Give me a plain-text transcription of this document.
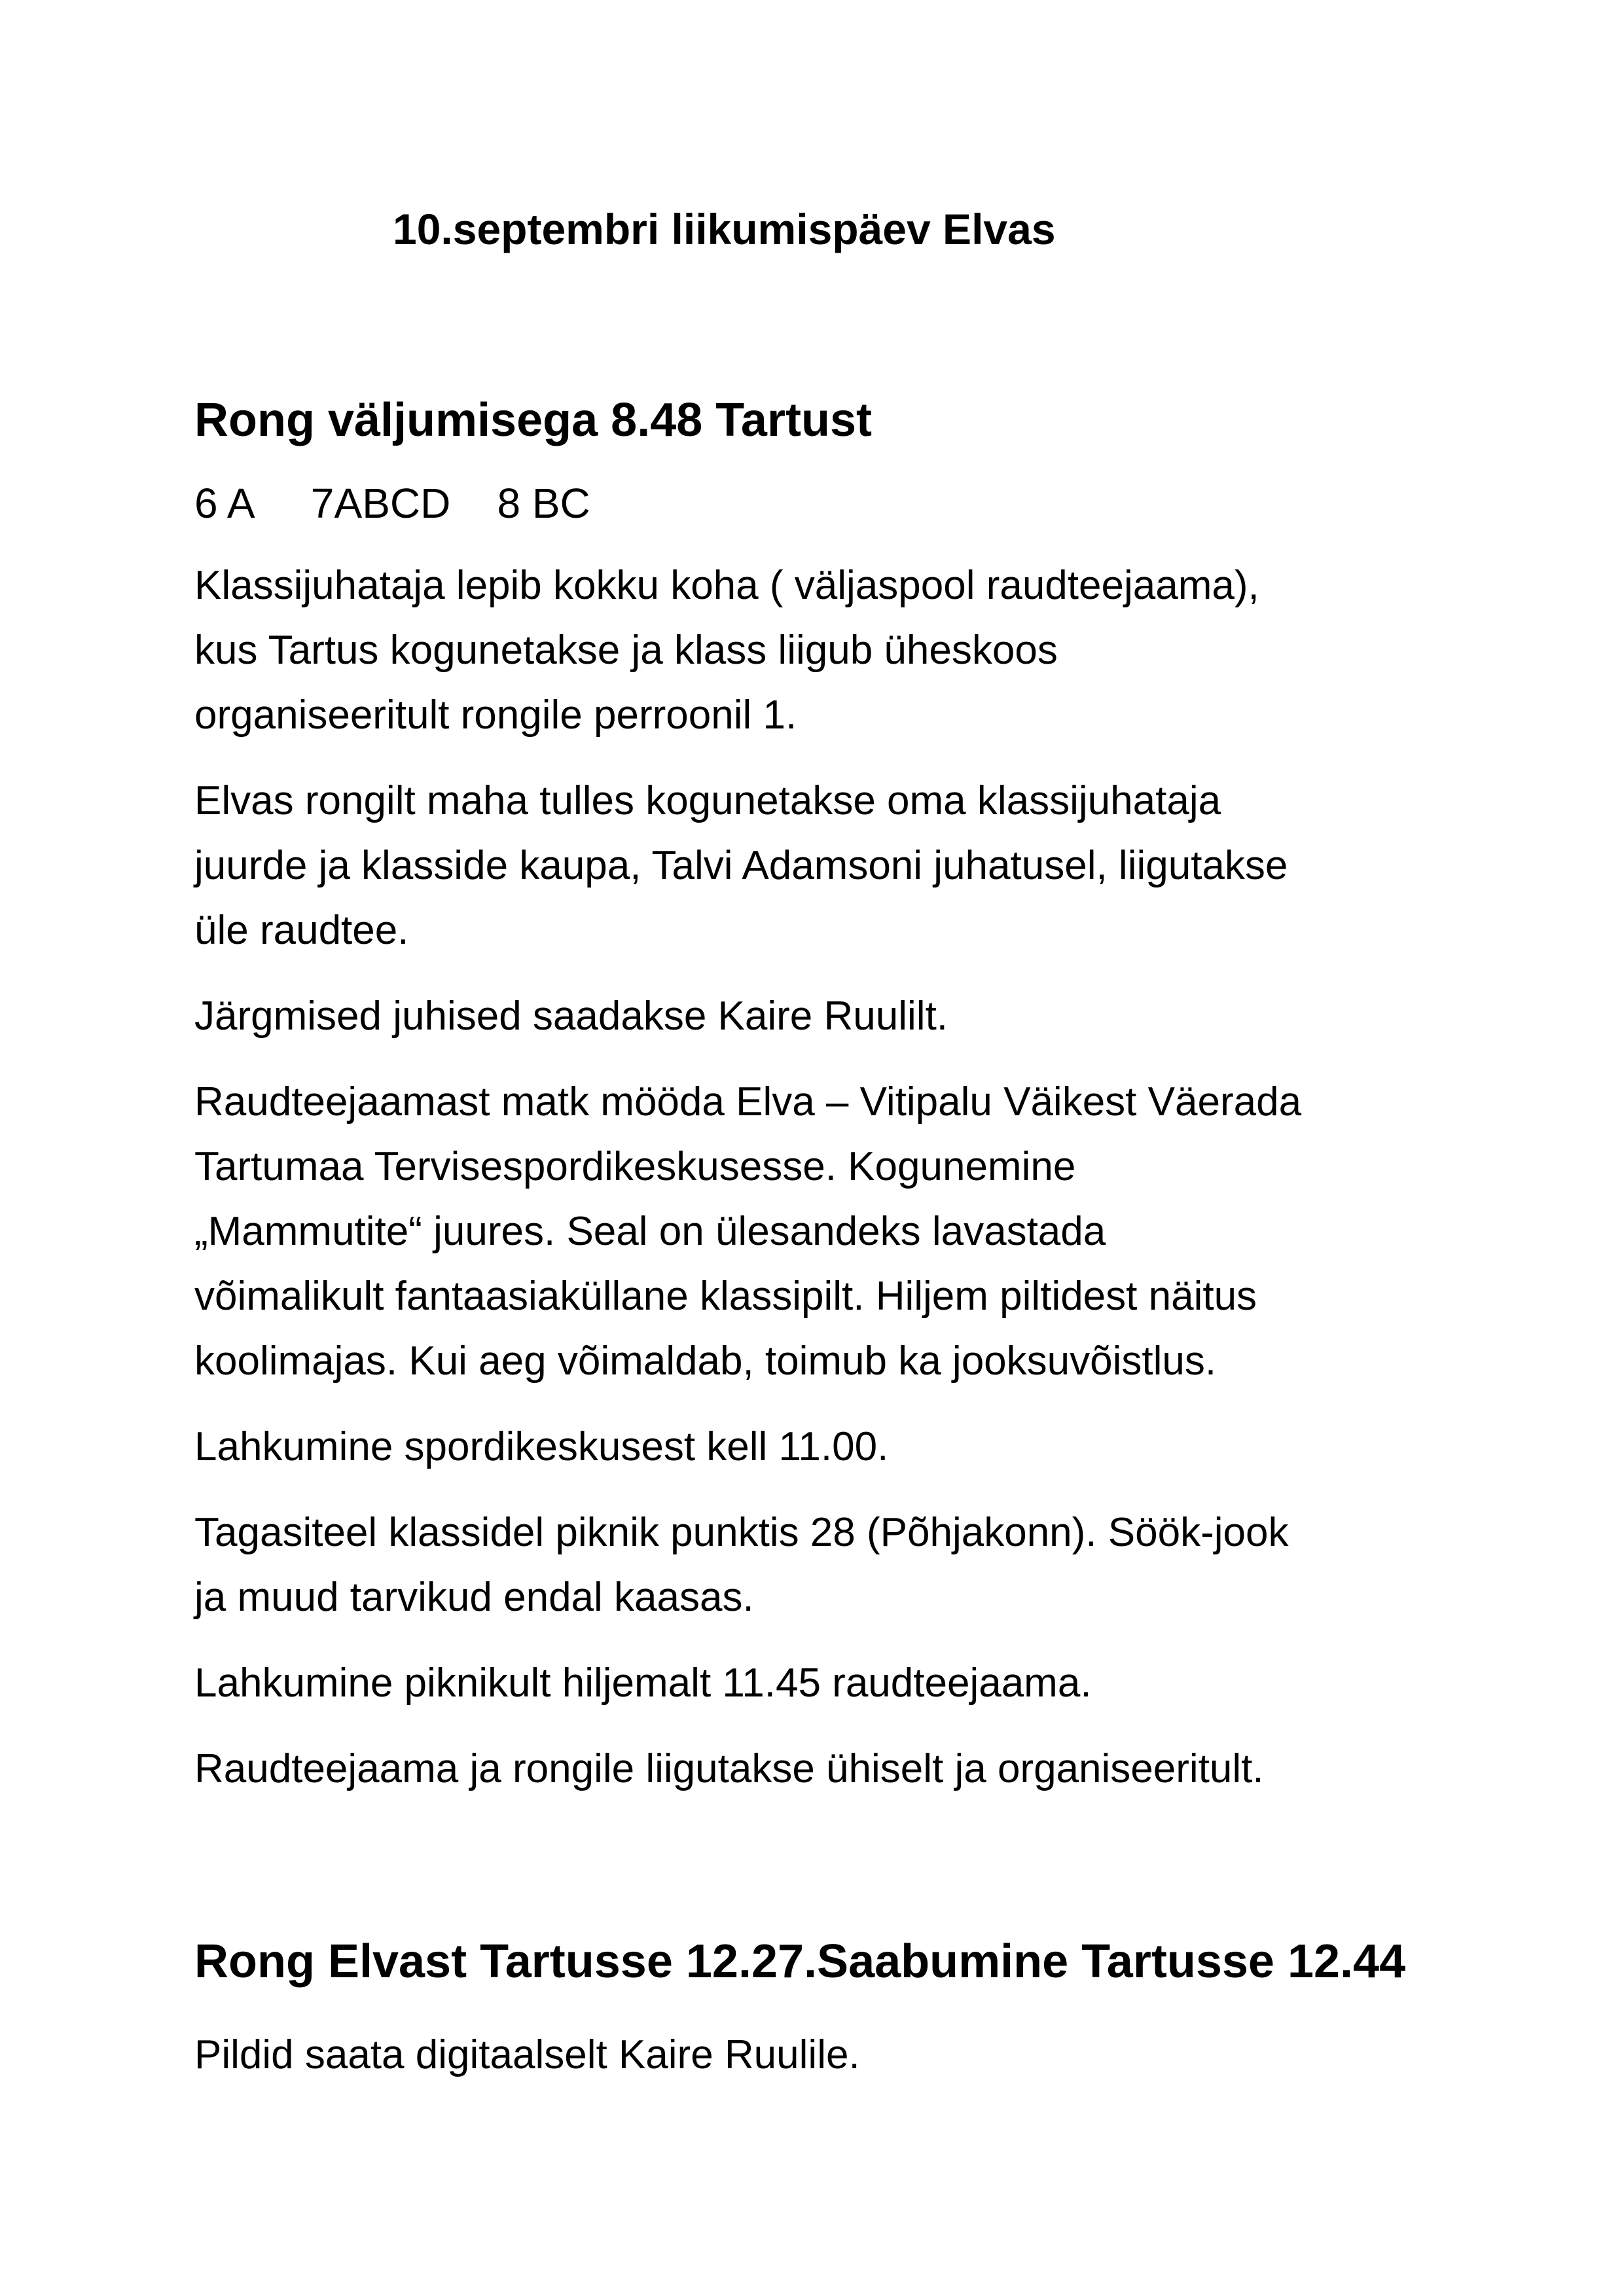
10.septembri liikumispäev Elvas
Rong väljumisega 8.48 Tartust

6 A     7ABCD    8 BC

Klassijuhataja lepib kokku koha ( väljaspool raudteejaama),
kus Tartus kogunetakse ja klass liigub üheskoos
organiseeritult rongile perroonil 1.

Elvas rongilt maha tulles kogunetakse oma klassijuhataja
juurde ja klasside kaupa, Talvi Adamsoni juhatusel, liigutakse
üle raudtee.

Järgmised juhised saadakse Kaire Ruulilt.

Raudteejaamast matk mööda Elva – Vitipalu Väikest Väerada
Tartumaa Tervisespordikeskusesse. Kogunemine
„Mammutite“ juures. Seal on ülesandeks lavastada
võimalikult fantaasiaküllane klassipilt. Hiljem piltidest näitus
koolimajas. Kui aeg võimaldab, toimub ka jooksuvõistlus.

Lahkumine spordikeskusest kell 11.00.

Tagasiteel klassidel piknik punktis 28 (Põhjakonn). Söök-jook
ja muud tarvikud endal kaasas.

Lahkumine piknikult hiljemalt 11.45 raudteejaama.

Raudteejaama ja rongile liigutakse ühiselt ja organiseeritult.

Rong Elvast Tartusse 12.27.Saabumine Tartusse 12.44

Pildid saata digitaalselt Kaire Ruulile.
